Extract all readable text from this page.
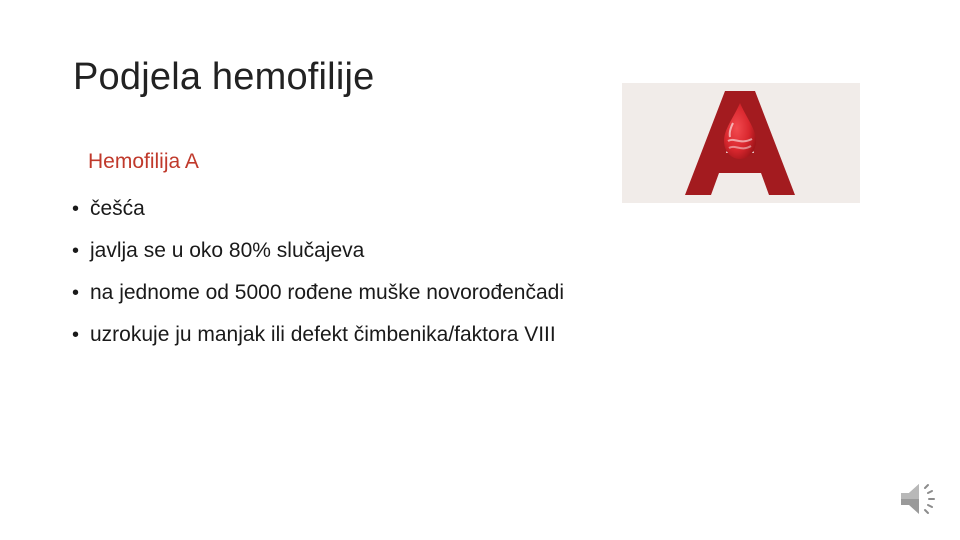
Podjela hemofilije
Hemofilija A
• češća
• javlja se u oko 80% slučajeva
• na jednome od 5000 rođene muške novorođenčadi
• uzrokuje ju manjak ili defekt čimbenika/faktora VIII
